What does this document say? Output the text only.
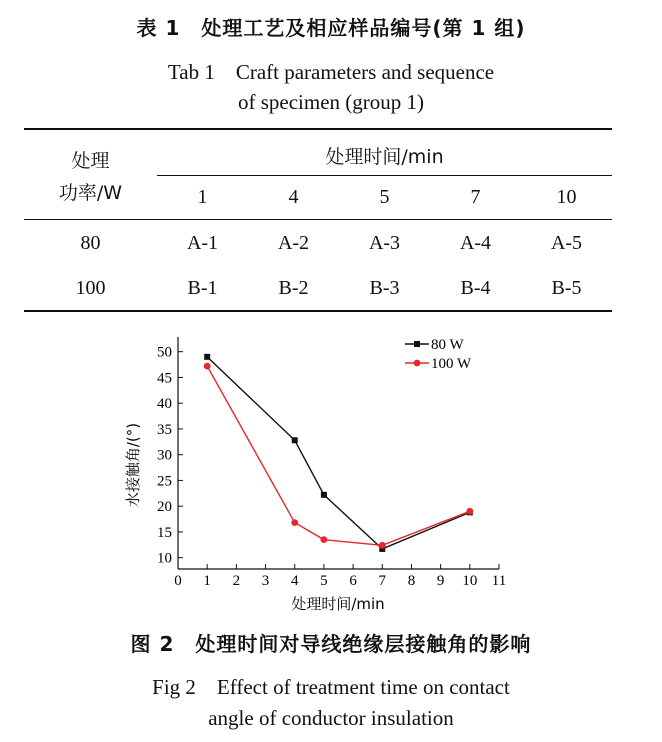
表 1　处理工艺及相应样品编号(第 1 组)
Tab 1　Craft parameters and sequence
of specimen (group 1)
处理
功率/W
处理时间/min
1	4	5	7	10
80	A-1	A-2	A-3	A-4	A-5
100	B-1	B-2	B-3	B-4	B-5
0 1 2 3 4 5 6 7 8 9 10 11
10
15
20
25
30
35
40
45
50	80 W
100 W
处理时间/min
水接触角/(°)
图 2　处理时间对导线绝缘层接触角的影响
Fig 2　Effect of treatment time on contact
angle of conductor insulation
